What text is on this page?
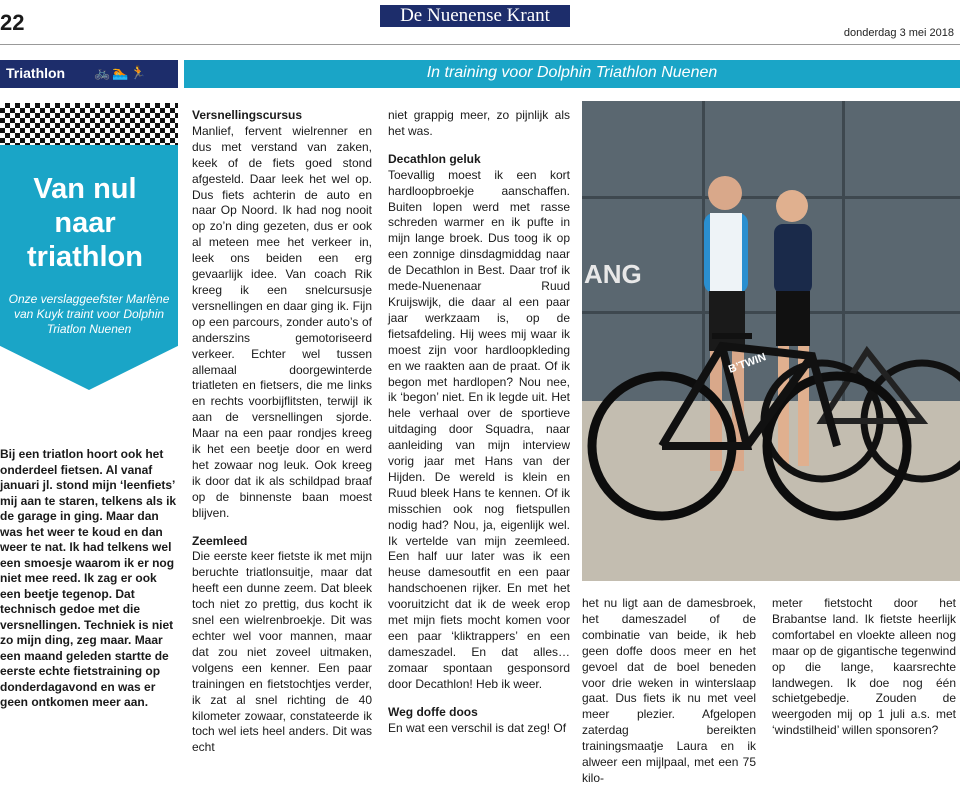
22	De Nuenense Krant
donderdag 3 mei 2018
Triathlon 🚲🏊🏃	In training voor Dolphin Triathlon Nuenen
Van nul
naar
triathlon
Onze verslaggeefster Marlène van Kuyk traint voor Dolphin Triatlon Nuenen
Bij een triatlon hoort ook het onderdeel fietsen. Al vanaf januari jl. stond mijn ‘leenfiets’ mij aan te staren, telkens als ik de garage in ging. Maar dan was het weer te koud en dan weer te nat. Ik had telkens wel een smoesje waarom ik er nog niet mee reed. Ik zag er ook een beetje tegenop. Dat technisch gedoe met die versnellingen. Techniek is niet zo mijn ding, zeg maar. Maar een maand geleden startte de eerste echte fietstraining op donderdagavond en was er geen ontkomen meer aan.

Versnellingscursus

Manlief, fervent wielrenner en dus met verstand van zaken, keek of de fiets goed stond afgesteld. Daar leek het wel op. Dus fiets achterin de auto en naar Op Noord. Ik had nog nooit op zo’n ding gezeten, dus er ook al meteen mee het verkeer in, leek ons beiden een erg gevaarlijk idee. Van coach Rik kreeg ik een snelcursusje versnellingen en daar ging ik. Fijn op een parcours, zonder auto’s of anderszins gemotoriseerd verkeer. Echter wel tussen allemaal doorgewinterde triatleten en fietsers, die me links en rechts voorbijflitsten, terwijl ik aan de versnellingen sjorde. Maar na een paar rondjes kreeg ik het een beetje door en werd het zowaar nog leuk. Ook kreeg ik door dat ik als schildpad braaf op de binnenste baan moest blijven.

Zeemleed

Die eerste keer fietste ik met mijn beruchte triatlonsuitje, maar dat heeft een dunne zeem. Dat bleek toch niet zo prettig, dus kocht ik snel een wielrenbroekje. Dit was echter wel voor mannen, maar dat zou niet zoveel uitmaken, volgens een kenner. Een paar trainingen en fietstochtjes verder, ik zat al snel richting de 40 kilometer zowaar, constateerde ik toch wel iets heel anders. Dit was echt

niet grappig meer, zo pijnlijk als het was.

Decathlon geluk

Toevallig moest ik een kort hardloopbroekje aanschaffen. Buiten lopen werd met rasse schreden warmer en ik pufte in mijn lange broek. Dus toog ik op een zonnige dinsdagmiddag naar de Decathlon in Best. Daar trof ik mede-Nuenenaar Ruud Kruijswijk, die daar al een paar jaar werkzaam is, op de fietsafdeling. Hij wees mij waar ik moest zijn voor hardloopkleding en we raakten aan de praat. Of ik begon met hardlopen? Nou nee, ik ‘begon’ niet. En ik legde uit. Het hele verhaal over de sportieve uitdaging door Squadra, naar aanleiding van mijn interview vorig jaar met Hans van der Hijden. De wereld is klein en Ruud bleek Hans te kennen. Of ik misschien ook nog fietspullen nodig had? Nou, ja, eigenlijk wel. Ik vertelde van mijn zeemleed. Een half uur later was ik een heuse damesoutfit en een paar handschoenen rijker. En met het vooruitzicht dat ik de week erop met mijn fiets mocht komen voor een paar ‘kliktrappers’ en een dameszadel. En dat alles… zomaar spontaan gesponsord door Decathlon! Heb ik weer.

Weg doffe doos

En wat een verschil is dat zeg! Of

ANG
B’TWIN
het nu ligt aan de damesbroek, het dameszadel of de combinatie van beide, ik heb geen doffe doos meer en het gevoel dat de boel beneden voor drie weken in winterslaap gaat. Dus fiets ik nu met veel meer plezier. Afgelopen zaterdag bereikten trainingsmaatje Laura en ik alweer een mijlpaal, met een 75 kilo-
meter fietstocht door het Brabantse land. Ik fietste heerlijk comfortabel en vloekte alleen nog maar op de gigantische tegenwind op die lange, kaarsrechte landwegen. Ik doe nog één schietgebedje. Zouden de weergoden mij op 1 juli a.s. met ‘windstilheid’ willen sponsoren?
